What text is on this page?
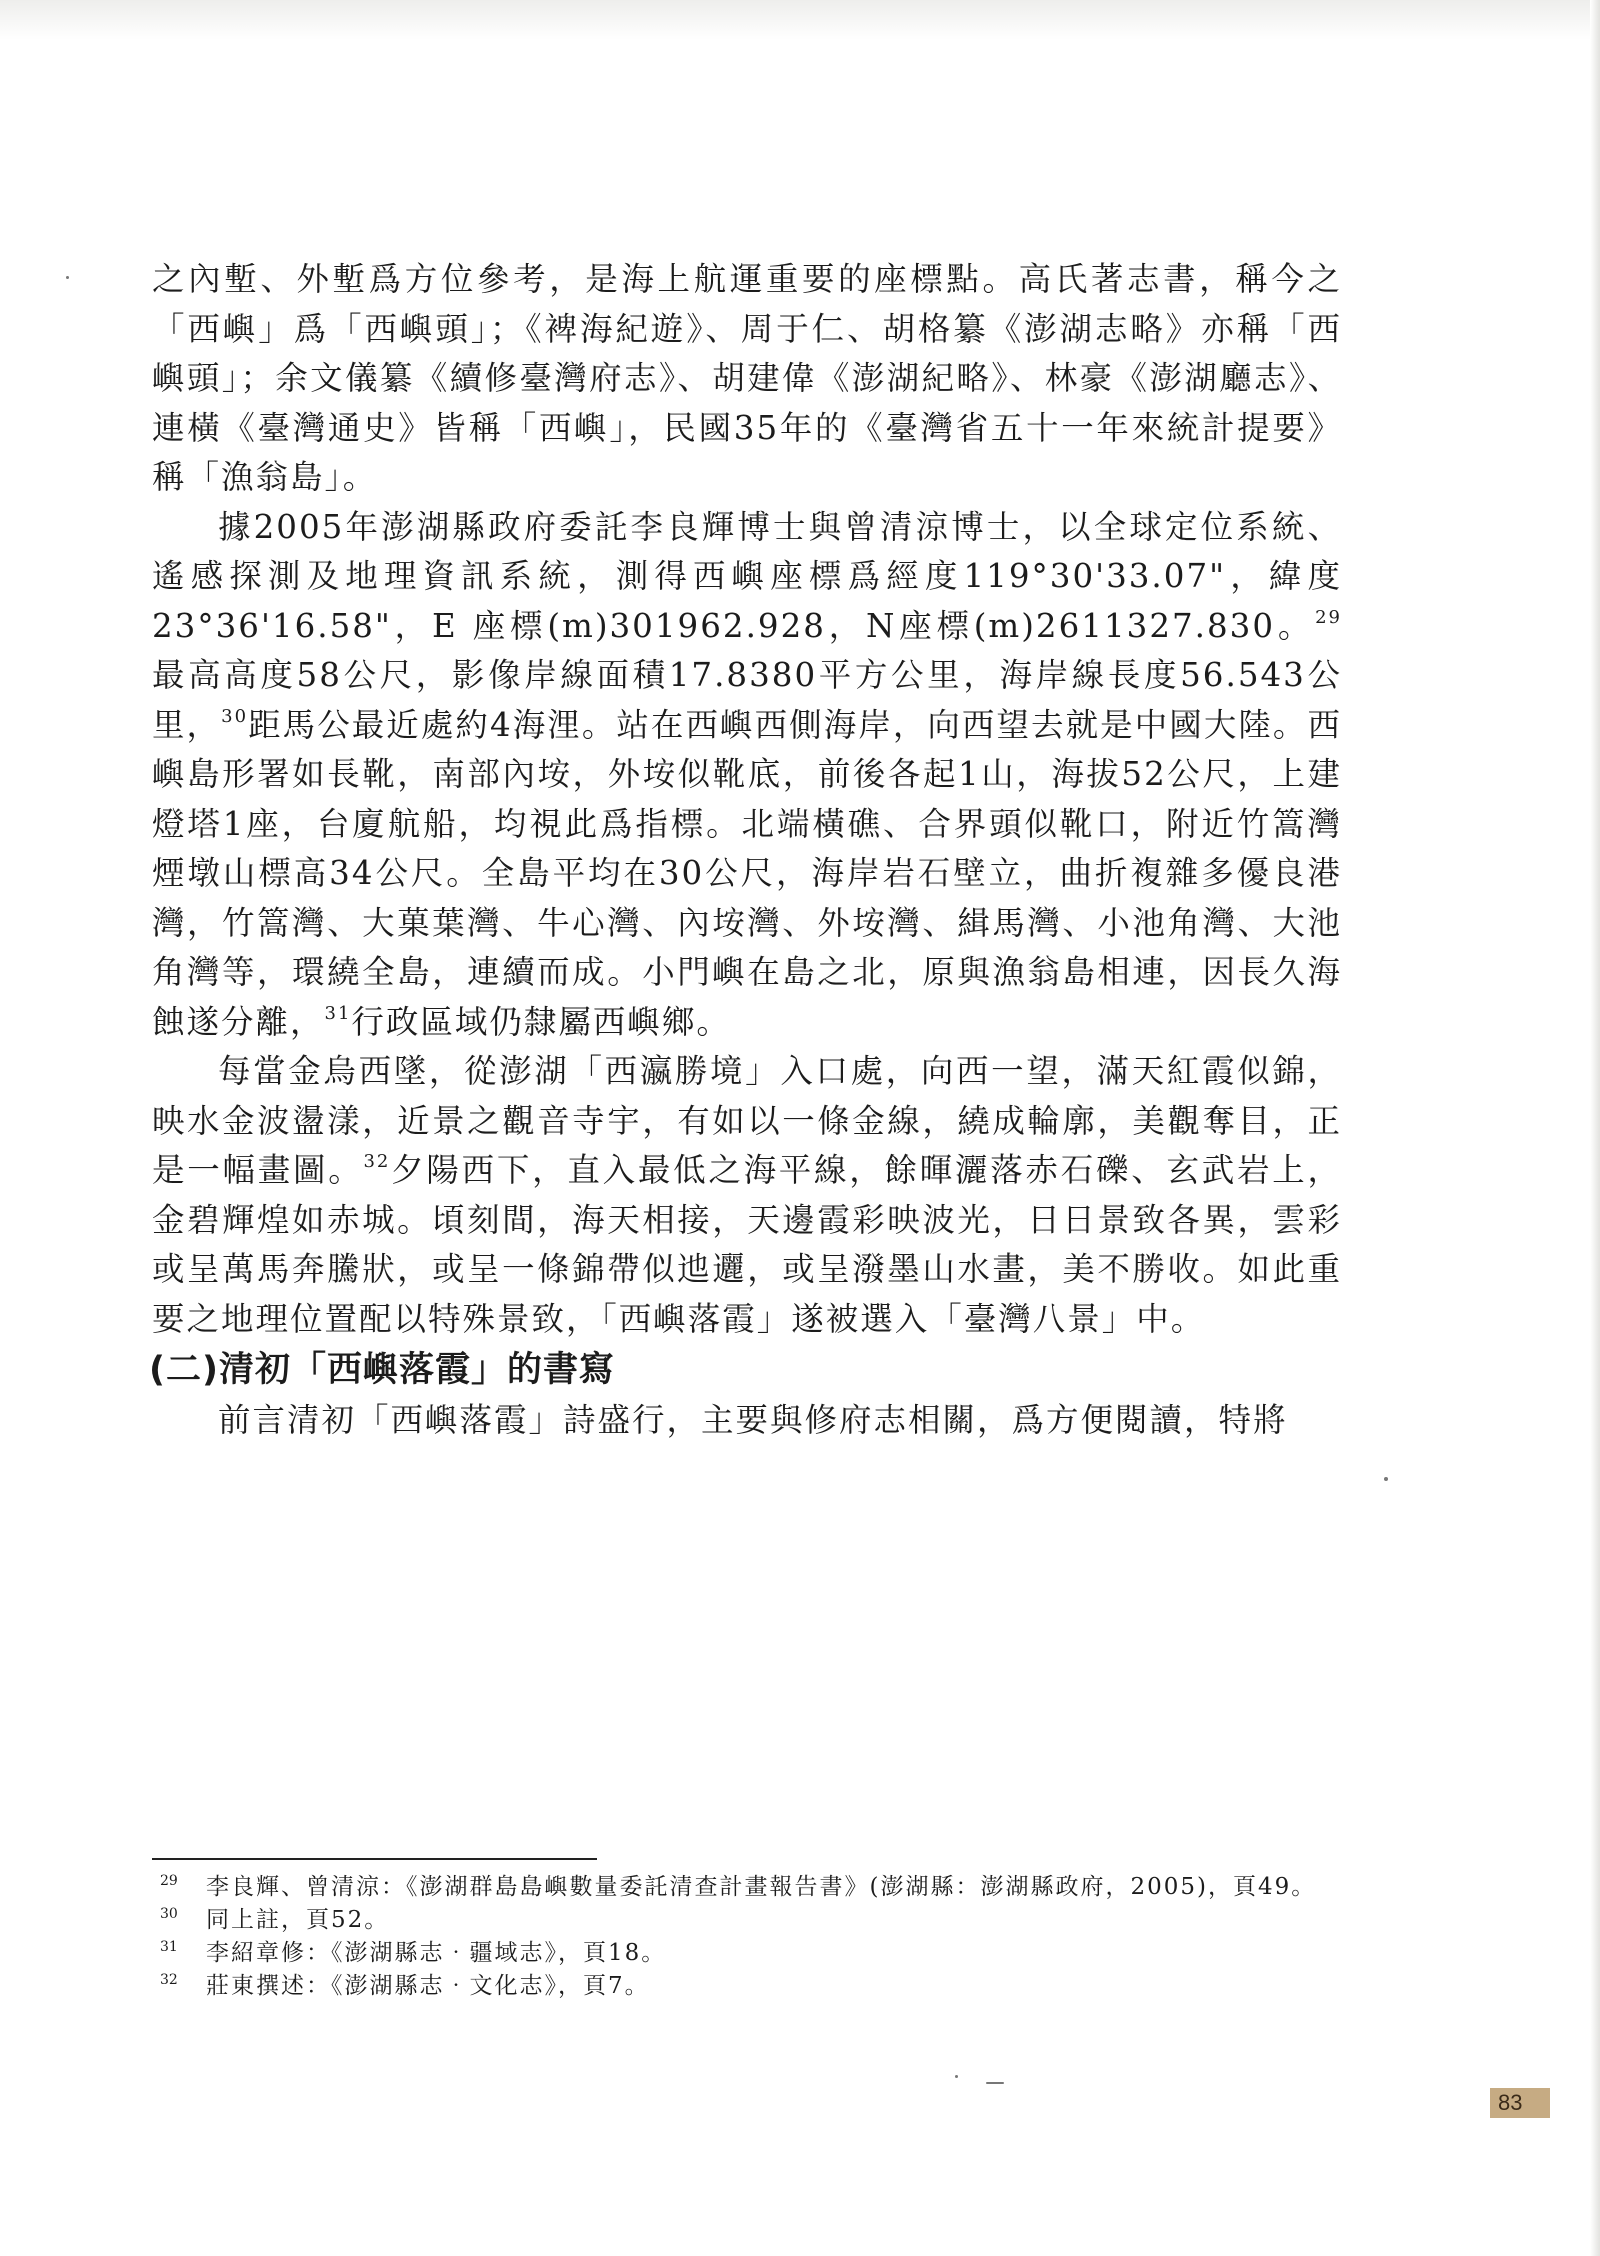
之內塹、外塹爲方位參考，是海上航運重要的座標點。高氏著志書，稱今之「西嶼」爲「西嶼頭」；《裨海紀遊》、周于仁、胡格纂《澎湖志略》亦稱「西嶼頭」；余文儀纂《續修臺灣府志》、胡建偉《澎湖紀略》、林豪《澎湖廳志》、連橫《臺灣通史》皆稱「西嶼」，民國35年的《臺灣省五十一年來統計提要》稱「漁翁島」。

據2005年澎湖縣政府委託李良輝博士與曾清涼博士，以全球定位系統、遙感探測及地理資訊系統，測得西嶼座標爲經度119°30'33.07"，緯度23°36'16.58"，E 座標(m)301962.928，N座標(m)2611327.830。$^{29}$最高高度58公尺，影像岸線面積17.8380平方公里，海岸線長度56.543公里，$^{30}$距馬公最近處約4海浬。站在西嶼西側海岸，向西望去就是中國大陸。西嶼島形署如長靴，南部內垵，外垵似靴底，前後各起1山，海拔52公尺，上建燈塔1座，台廈航船，均視此爲指標。北端橫礁、合界頭似靴口，附近竹篙灣煙墩山標高34公尺。全島平均在30公尺，海岸岩石壁立，曲折複雜多優良港灣，竹篙灣、大菓葉灣、牛心灣、內垵灣、外垵灣、緝馬灣、小池角灣、大池角灣等，環繞全島，連續而成。小門嶼在島之北，原與漁翁島相連，因長久海蝕遂分離，$^{31}$行政區域仍隸屬西嶼鄉。

每當金烏西墜，從澎湖「西瀛勝境」入口處，向西一望，滿天紅霞似錦，映水金波盪漾，近景之觀音寺宇，有如以一條金線，繞成輪廓，美觀奪目，正是一幅畫圖。$^{32}$夕陽西下，直入最低之海平線，餘暉灑落赤石礫、玄武岩上，金碧輝煌如赤城。頃刻間，海天相接，天邊霞彩映波光，日日景致各異，雲彩或呈萬馬奔騰狀，或呈一條錦帶似迆邐，或呈潑墨山水畫，美不勝收。如此重要之地理位置配以特殊景致，「西嶼落霞」遂被選入「臺灣八景」中。

(二)清初「西嶼落霞」的書寫

前言清初「西嶼落霞」詩盛行，主要與修府志相關，爲方便閱讀，特將

29 李良輝、曾清涼：《澎湖群島島嶼數量委託清查計畫報告書》(澎湖縣：澎湖縣政府，2005)，頁49。
30 同上註，頁52。
31 李紹章修：《澎湖縣志‧疆域志》，頁18。
32 莊東撰述：《澎湖縣志‧文化志》，頁7。
83
